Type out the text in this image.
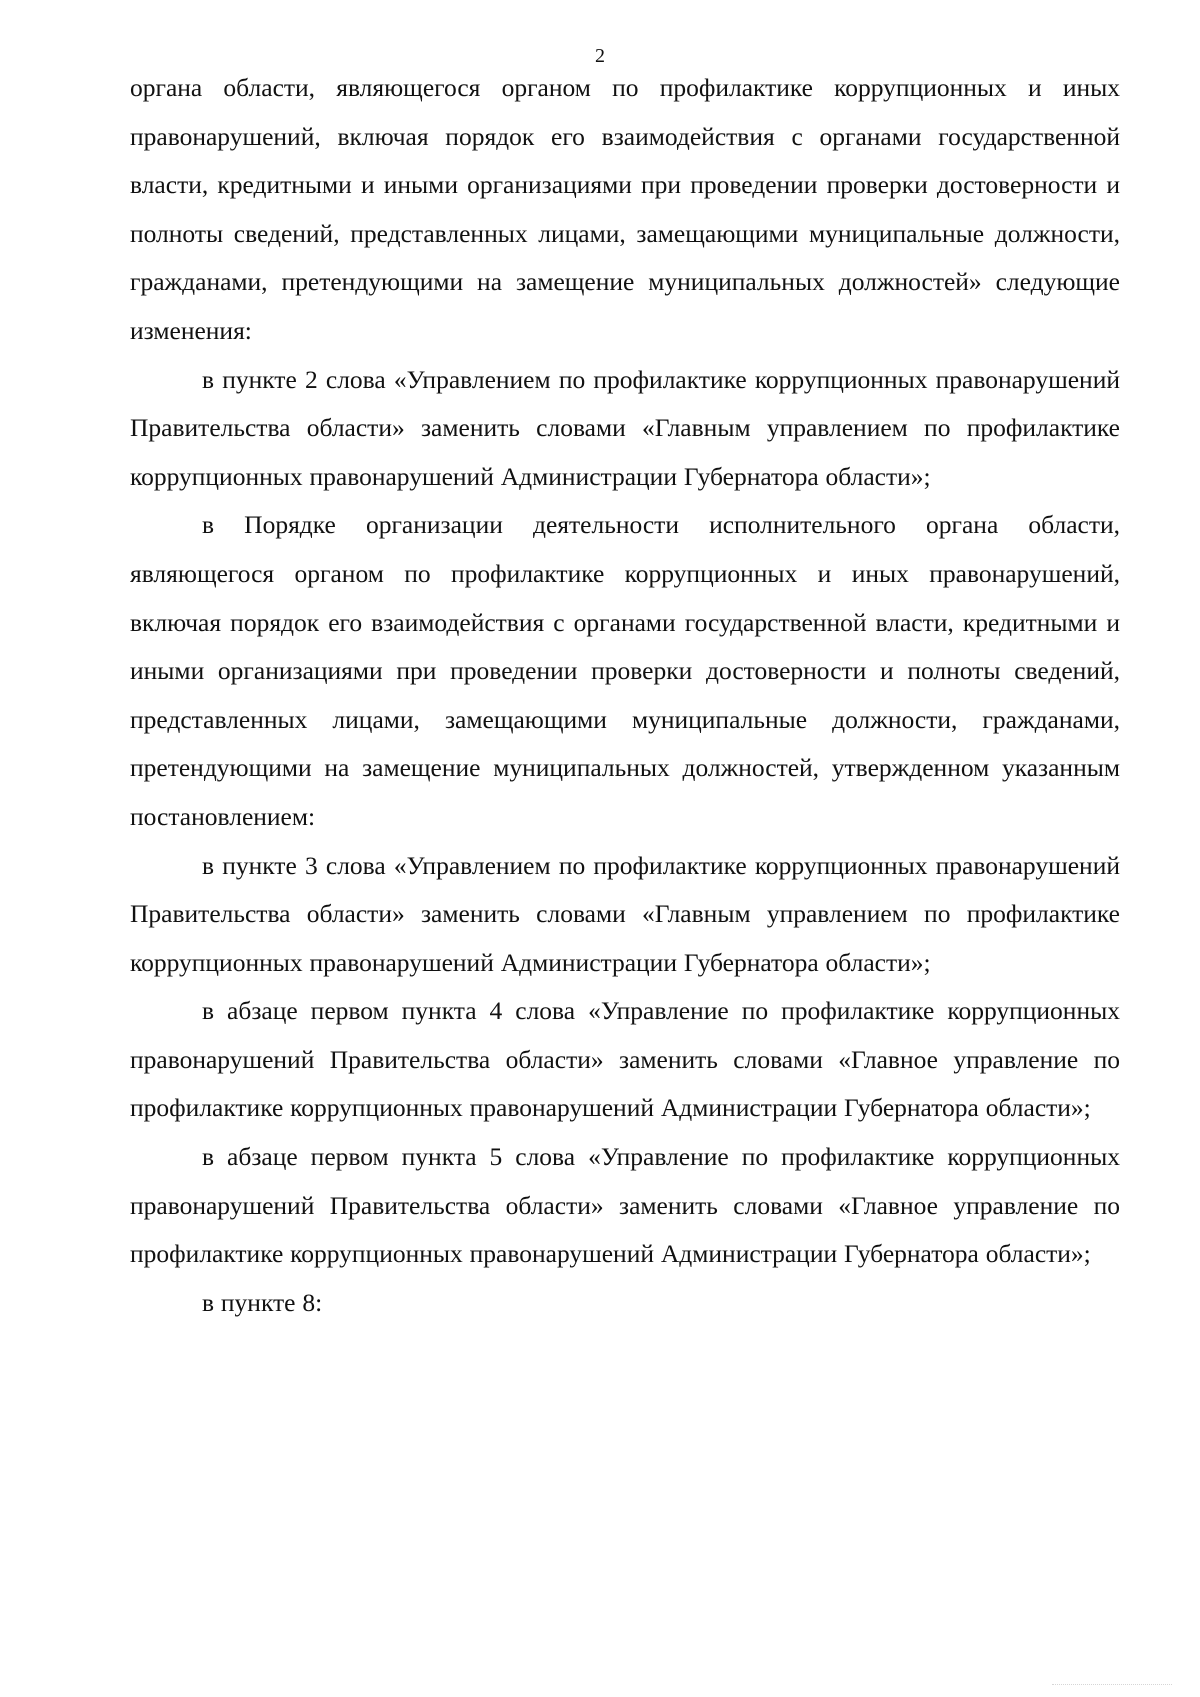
2

органа области, являющегося органом по профилактике коррупционных и иных правонарушений, включая порядок его взаимодействия с органами государственной власти, кредитными и иными организациями при проведении проверки достоверности и полноты сведений, представленных лицами, замещающими муниципальные должности, гражданами, претендующими на замещение муниципальных должностей» следующие изменения:

в пункте 2 слова «Управлением по профилактике коррупционных правонарушений Правительства области» заменить словами «Главным управлением по профилактике коррупционных правонарушений Администрации Губернатора области»;

в Порядке организации деятельности исполнительного органа области, являющегося органом по профилактике коррупционных и иных правонарушений, включая порядок его взаимодействия с органами государственной власти, кредитными и иными организациями при проведении проверки достоверности и полноты сведений, представленных лицами, замещающими муниципальные должности, гражданами, претендующими на замещение муниципальных должностей, утвержденном указанным постановлением:

в пункте 3 слова «Управлением по профилактике коррупционных правонарушений Правительства области» заменить словами «Главным управлением по профилактике коррупционных правонарушений Администрации Губернатора области»;

в абзаце первом пункта 4 слова «Управление по профилактике коррупционных правонарушений Правительства области» заменить словами «Главное управление по профилактике коррупционных правонарушений Администрации Губернатора области»;

в абзаце первом пункта 5 слова «Управление по профилактике коррупционных правонарушений Правительства области» заменить словами «Главное управление по профилактике коррупционных правонарушений Администрации Губернатора области»;

в пункте 8:
